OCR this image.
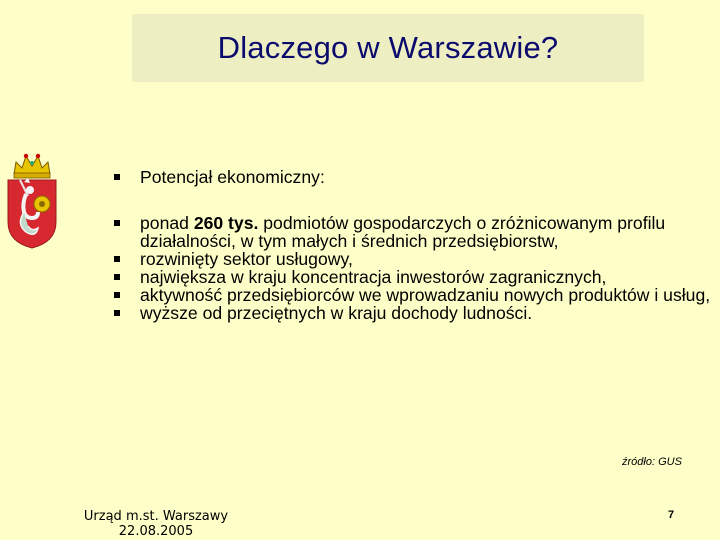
Dlaczego w Warszawie?
Potencjał ekonomiczny:
ponad 260 tys. podmiotów gospodarczych o zróżnicowanym profilu działalności, w tym małych i średnich przedsiębiorstw,
rozwinięty sektor usługowy,
największa w kraju koncentracja inwestorów zagranicznych,
aktywność przedsiębiorców we wprowadzaniu nowych produktów i usług,
wyższe od przeciętnych w kraju dochody ludności.
źródło: GUS
Urząd m.st. Warszawy
22.08.2005
7
